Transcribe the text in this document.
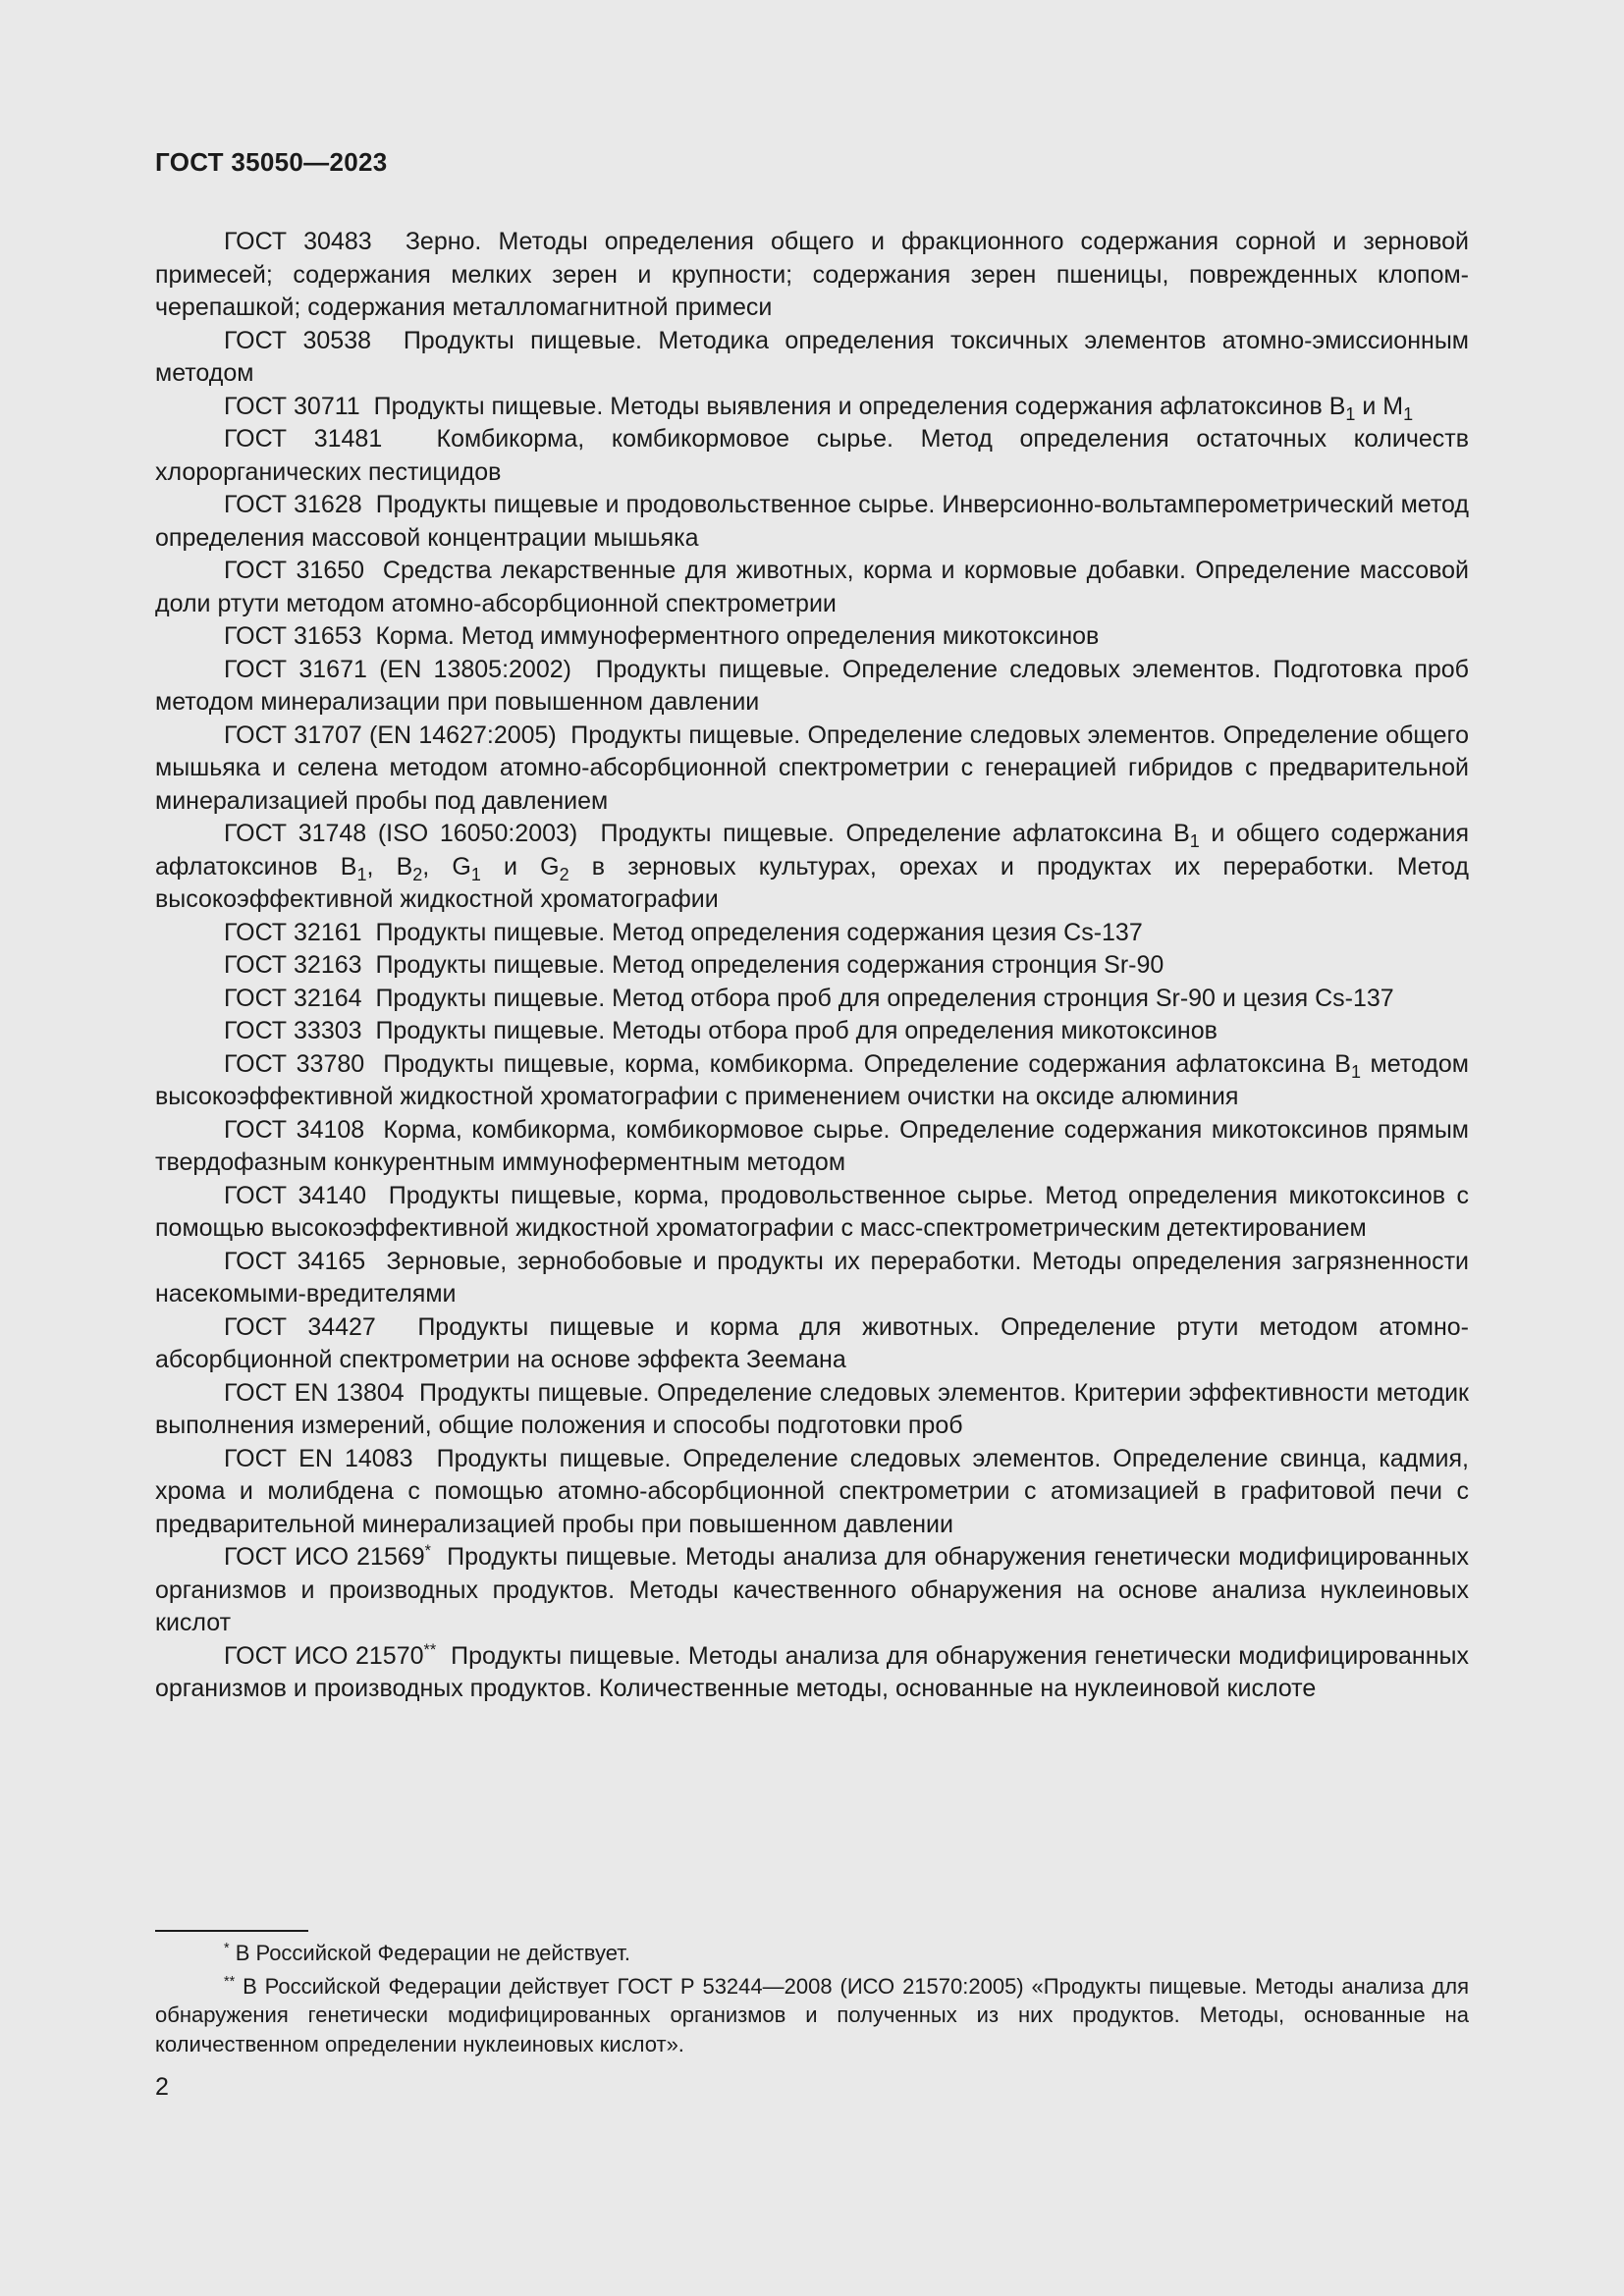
ГОСТ 35050—2023

ГОСТ 30483 Зерно. Методы определения общего и фракционного содержания сорной и зерновой примесей; содержания мелких зерен и крупности; содержания зерен пшеницы, поврежденных клопом-черепашкой; содержания металломагнитной примеси

ГОСТ 30538 Продукты пищевые. Методика определения токсичных элементов атомно-эмиссионным методом

ГОСТ 30711 Продукты пищевые. Методы выявления и определения содержания афлатоксинов $B_1$ и $M_1$

ГОСТ 31481 Комбикорма, комбикормовое сырье. Метод определения остаточных количеств хлорорганических пестицидов

ГОСТ 31628 Продукты пищевые и продовольственное сырье. Инверсионно-вольтамперометрический метод определения массовой концентрации мышьяка

ГОСТ 31650 Средства лекарственные для животных, корма и кормовые добавки. Определение массовой доли ртути методом атомно-абсорбционной спектрометрии

ГОСТ 31653 Корма. Метод иммуноферментного определения микотоксинов

ГОСТ 31671 (EN 13805:2002) Продукты пищевые. Определение следовых элементов. Подготовка проб методом минерализации при повышенном давлении

ГОСТ 31707 (EN 14627:2005) Продукты пищевые. Определение следовых элементов. Определение общего мышьяка и селена методом атомно-абсорбционной спектрометрии с генерацией гибридов с предварительной минерализацией пробы под давлением

ГОСТ 31748 (ISO 16050:2003) Продукты пищевые. Определение афлатоксина $B_1$ и общего содержания афлатоксинов $B_1$, $B_2$, $G_1$ и $G_2$ в зерновых культурах, орехах и продуктах их переработки. Метод высокоэффективной жидкостной хроматографии

ГОСТ 32161 Продукты пищевые. Метод определения содержания цезия Cs-137

ГОСТ 32163 Продукты пищевые. Метод определения содержания стронция Sr-90

ГОСТ 32164 Продукты пищевые. Метод отбора проб для определения стронция Sr-90 и цезия Cs-137

ГОСТ 33303 Продукты пищевые. Методы отбора проб для определения микотоксинов

ГОСТ 33780 Продукты пищевые, корма, комбикорма. Определение содержания афлатоксина $B_1$ методом высокоэффективной жидкостной хроматографии с применением очистки на оксиде алюминия

ГОСТ 34108 Корма, комбикорма, комбикормовое сырье. Определение содержания микотоксинов прямым твердофазным конкурентным иммуноферментным методом

ГОСТ 34140 Продукты пищевые, корма, продовольственное сырье. Метод определения микотоксинов с помощью высокоэффективной жидкостной хроматографии с масс-спектрометрическим детектированием

ГОСТ 34165 Зерновые, зернобобовые и продукты их переработки. Методы определения загрязненности насекомыми-вредителями

ГОСТ 34427 Продукты пищевые и корма для животных. Определение ртути методом атомно-абсорбционной спектрометрии на основе эффекта Зеемана

ГОСТ EN 13804 Продукты пищевые. Определение следовых элементов. Критерии эффективности методик выполнения измерений, общие положения и способы подготовки проб

ГОСТ EN 14083 Продукты пищевые. Определение следовых элементов. Определение свинца, кадмия, хрома и молибдена с помощью атомно-абсорбционной спектрометрии с атомизацией в графитовой печи с предварительной минерализацией пробы при повышенном давлении

ГОСТ ИСО 21569* Продукты пищевые. Методы анализа для обнаружения генетически модифицированных организмов и производных продуктов. Методы качественного обнаружения на основе анализа нуклеиновых кислот

ГОСТ ИСО 21570** Продукты пищевые. Методы анализа для обнаружения генетически модифицированных организмов и производных продуктов. Количественные методы, основанные на нуклеиновой кислоте

* В Российской Федерации не действует.

** В Российской Федерации действует ГОСТ Р 53244—2008 (ИСО 21570:2005) «Продукты пищевые. Методы анализа для обнаружения генетически модифицированных организмов и полученных из них продуктов. Методы, основанные на количественном определении нуклеиновых кислот».

2
